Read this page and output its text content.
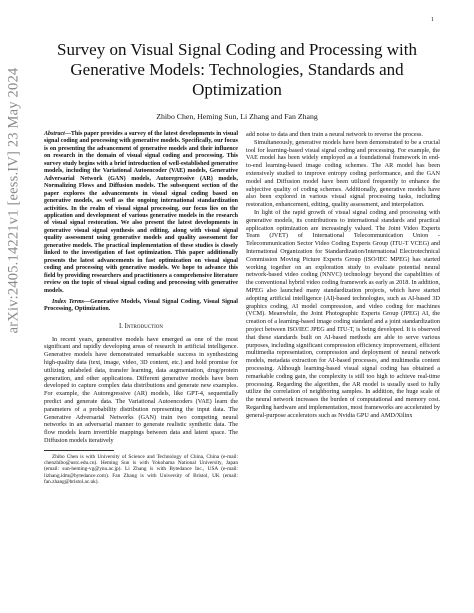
1
arXiv:2405.14221v1 [eess.IV] 23 May 2024
Survey on Visual Signal Coding and Processing with Generative Models: Technologies, Standards and Optimization

Zhibo Chen, Heming Sun, Li Zhang and Fan Zhang

Abstract—This paper provides a survey of the latest developments in visual signal coding and processing with generative models. Specifically, our focus is on presenting the advancement of generative models and their influence on research in the domain of visual signal coding and processing. This survey study begins with a brief introduction of well-established generative models, including the Variational Autoencoder (VAE) models, Generative Adversarial Network (GAN) models, Autoregressive (AR) models, Normalizing Flows and Diffusion models. The subsequent section of the paper explores the advancements in visual signal coding based on generative models, as well as the ongoing international standardization activities. In the realm of visual signal processing, our focus lies on the application and development of various generative models in the research of visual signal restoration. We also present the latest developments in generative visual signal synthesis and editing, along with visual signal quality assessment using generative models and quality assessment for generative models. The practical implementation of these studies is closely linked to the investigation of fast optimization. This paper additionally presents the latest advancements in fast optimization on visual signal coding and processing with generative models. We hope to advance this field by providing researchers and practitioners a comprehensive literature review on the topic of visual signal coding and processing with generative models.

Index Terms—Generative Models, Visual Signal Coding, Visual Signal Processing, Optimization.

I. Introduction

In recent years, generative models have emerged as one of the most significant and rapidly developing areas of research in artificial intelligence. Generative models have demonstrated remarkable success in synthesizing high-quality data (text, image, video, 3D content, etc.) and hold promise for utilizing unlabeled data, transfer learning, data augmentation, drug/protein generation, and other applications. Different generative models have been developed to capture complex data distributions and generate new examples. For example, the Autoregressive (AR) models, like GPT-4, sequentially predict and generate data. The Variational Autoencoders (VAE) learn the parameters of a probability distribution representing the input data. The Generative Adversarial Networks (GAN) train two competing neural networks in an adversarial manner to generate realistic synthetic data. The flow models learn invertible mappings between data and latent space. The Diffusion models iteratively

Zhibo Chen is with University of Science and Technology of China, China (e-mail: chenzhibo@ustc.edu.cn). Heming Sun is with Yokohama National University, Japan (email: sun-heming-vg@ynu.ac.jp). Li Zhang is with Bytedance Inc., USA (e-mail: lizhang.idm@bytedance.com). Fan Zhang is with University of Bristol, UK (email: fan.zhang@bristol.ac.uk).

add noise to data and then train a neural network to reverse the process.

Simultaneously, generative models have been demonstrated to be a crucial tool for learning-based visual signal coding and processing. For example, the VAE model has been widely employed as a foundational framework in end-to-end learning-based image coding schemes. The AR model has been extensively studied to improve entropy coding performance, and the GAN model and Diffusion model have been utilized frequently to enhance the subjective quality of coding schemes. Additionally, generative models have also been explored in various visual signal processing tasks, including restoration, enhancement, editing, quality assessment, and interpolation.

In light of the rapid growth of visual signal coding and processing with generative models, its contributions to international standards and practical application optimization are increasingly valued. The Joint Video Experts Team (JVET) of International Telecommunication Union - Telecommunication Sector Video Coding Experts Group (ITU-T VCEG) and International Organization for Standardization/International Electrotechnical Commission Moving Picture Experts Group (ISO/IEC MPEG) has started working together on an exploration study to evaluate potential neural network-based video coding (NNVC) technology beyond the capabilities of the conventional hybrid video coding framework as early as 2018. In addition, MPEG also launched many standardization projects, which have started adopting artificial intelligence (AI)-based technologies, such as AI-based 3D graphics coding, AI model compression, and video coding for machines (VCM). Meanwhile, the Joint Photographic Experts Group (JPEG) AI, the creation of a learning-based image coding standard and a joint standardization project between ISO/IEC JPEG and ITU-T, is being developed. It is observed that these standards built on AI-based methods are able to serve various purposes, including significant compression efficiency improvement, efficient multimedia representation, compression and deployment of neural network models, metadata extraction for AI-based processes, and multimedia content processing. Although learning-based visual signal coding has obtained a remarkable coding gain, the complexity is still too high to achieve real-time processing. Regarding the algorithm, the AR model is usually used to fully utilize the correlation of neighboring samples. In addition, the huge scale of the neural network increases the burden of computational and memory cost. Regarding hardware and implementation, most frameworks are accelerated by general-purpose accelerators such as Nvidia GPU and AMD/Xilinx
